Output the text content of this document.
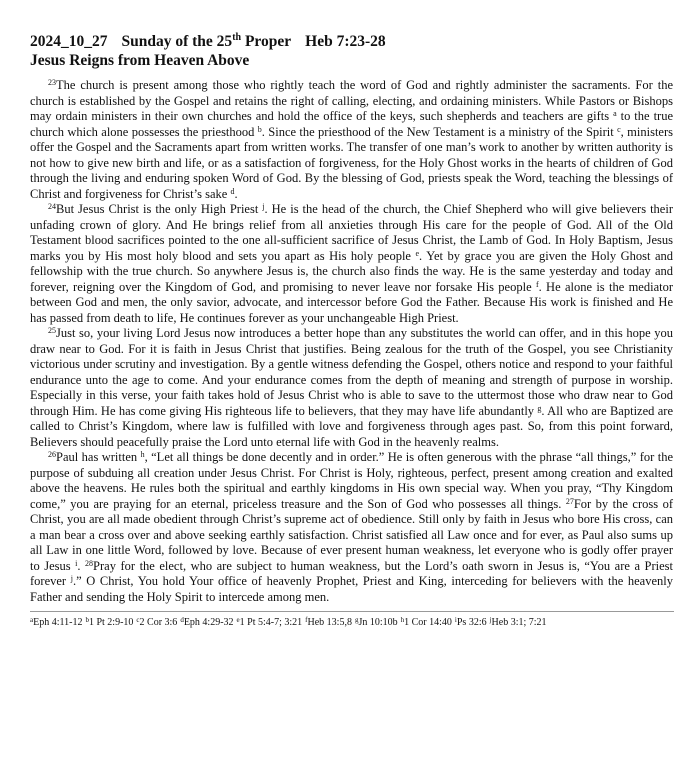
2024_10_27 Sunday of the 25th Proper Heb 7:23-28
Jesus Reigns from Heaven Above

$^{23}$The church is present among those who rightly teach the word of God and rightly administer the sacraments. For the church is established by the Gospel and retains the right of calling, electing, and ordaining ministers. While Pastors or Bishops may ordain ministers in their own churches and hold the office of the keys, such shepherds and teachers are gifts $^a$ to the true church which alone possesses the priesthood $^b$. Since the priesthood of the New Testament is a ministry of the Spirit $^c$, ministers offer the Gospel and the Sacraments apart from written works. The transfer of one man’s work to another by written authority is not how to give new birth and life, or as a satisfaction of forgiveness, for the Holy Ghost works in the hearts of children of God through the living and enduring spoken Word of God. By the blessing of God, priests speak the Word, teaching the blessings of Christ and forgiveness for Christ’s sake $^d$.

$^{24}$But Jesus Christ is the only High Priest $^j$. He is the head of the church, the Chief Shepherd who will give believers their unfading crown of glory. And He brings relief from all anxieties through His care for the people of God. All of the Old Testament blood sacrifices pointed to the one all-sufficient sacrifice of Jesus Christ, the Lamb of God. In Holy Baptism, Jesus marks you by His most holy blood and sets you apart as His holy people $^e$. Yet by grace you are given the Holy Ghost and fellowship with the true church. So anywhere Jesus is, the church also finds the way. He is the same yesterday and today and forever, reigning over the Kingdom of God, and promising to never leave nor forsake His people $^f$. He alone is the mediator between God and men, the only savior, advocate, and intercessor before God the Father. Because His work is finished and He has passed from death to life, He continues forever as your unchangeable High Priest.

$^{25}$Just so, your living Lord Jesus now introduces a better hope than any substitutes the world can offer, and in this hope you draw near to God. For it is faith in Jesus Christ that justifies. Being zealous for the truth of the Gospel, you see Christianity victorious under scrutiny and investigation. By a gentle witness defending the Gospel, others notice and respond to your faithful endurance unto the age to come. And your endurance comes from the depth of meaning and strength of purpose in worship. Especially in this verse, your faith takes hold of Jesus Christ who is able to save to the uttermost those who draw near to God through Him. He has come giving His righteous life to believers, that they may have life abundantly $^g$. All who are Baptized are called to Christ’s Kingdom, where law is fulfilled with love and forgiveness through ages past. So, from this point forward, Believers should peacefully praise the Lord unto eternal life with God in the heavenly realms.

$^{26}$Paul has written $^h$, “Let all things be done decently and in order.” He is often generous with the phrase “all things,” for the purpose of subduing all creation under Jesus Christ. For Christ is Holy, righteous, perfect, present among creation and exalted above the heavens. He rules both the spiritual and earthly kingdoms in His own special way. When you pray, “Thy Kingdom come,” you are praying for an eternal, priceless treasure and the Son of God who possesses all things. $^{27}$For by the cross of Christ, you are all made obedient through Christ’s supreme act of obedience. Still only by faith in Jesus who bore His cross, can a man bear a cross over and above seeking earthly satisfaction. Christ satisfied all Law once and for ever, as Paul also sums up all Law in one little Word, followed by love. Because of ever present human weakness, let everyone who is godly offer prayer to Jesus $^i$. $^{28}$Pray for the elect, who are subject to human weakness, but the Lord’s oath sworn in Jesus is, “You are a Priest forever $^j$.” O Christ, You hold Your office of heavenly Prophet, Priest and King, interceding for believers with the heavenly Father and sending the Holy Spirit to intercede among men.

$^a$Eph 4:11-12 $^b$1 Pt 2:9-10 $^c$2 Cor 3:6 $^d$Eph 4:29-32 $^e$1 Pt 5:4-7; 3:21 $^f$Heb 13:5,8 $^g$Jn 10:10b $^h$1 Cor 14:40 $^i$Ps 32:6 $^j$Heb 3:1; 7:21
